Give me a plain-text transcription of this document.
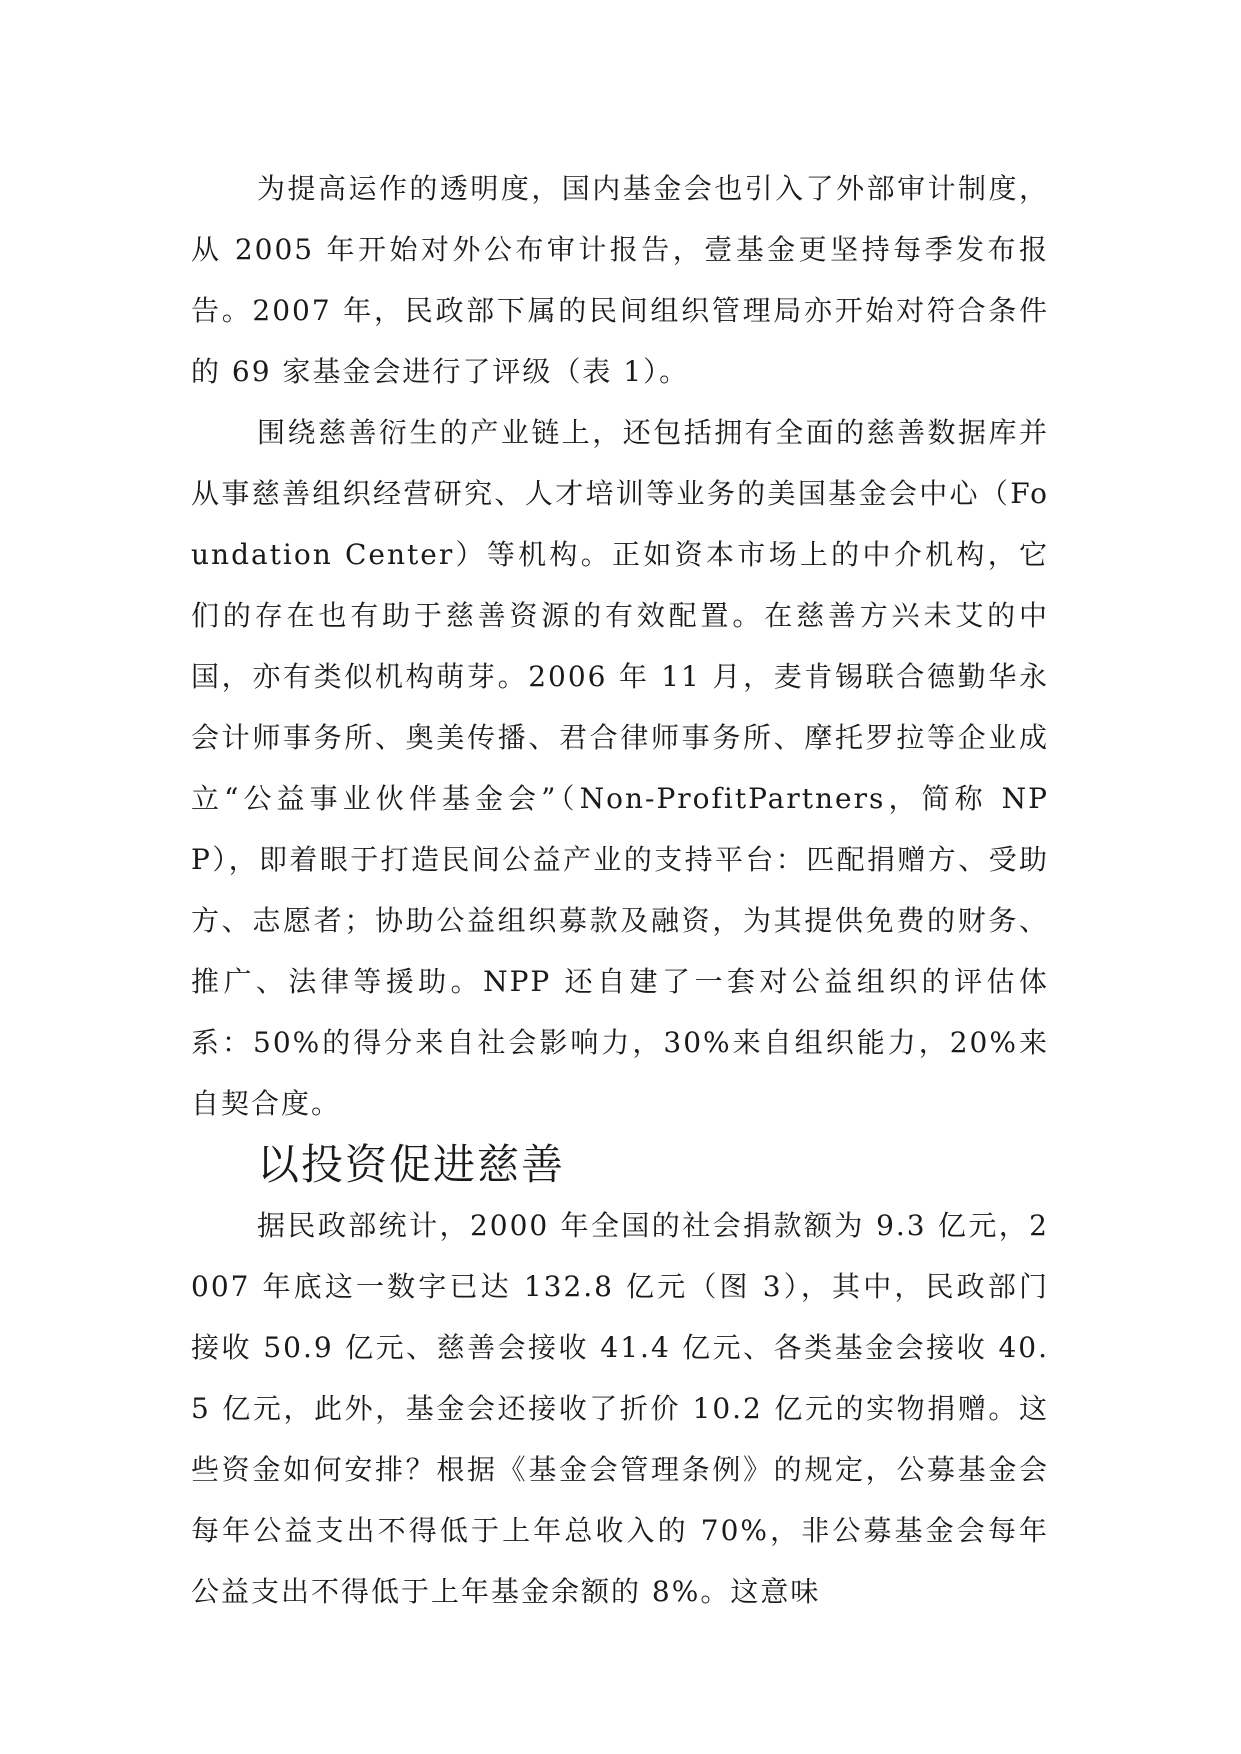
为提高运作的透明度，国内基金会也引入了外部审计制度，从 2005 年开始对外公布审计报告，壹基金更坚持每季发布报告。2007 年，民政部下属的民间组织管理局亦开始对符合条件的 69 家基金会进行了评级（表 1）。

围绕慈善衍生的产业链上，还包括拥有全面的慈善数据库并从事慈善组织经营研究、人才培训等业务的美国基金会中心（Foundation Center）等机构。正如资本市场上的中介机构，它们的存在也有助于慈善资源的有效配置。在慈善方兴未艾的中国，亦有类似机构萌芽。2006 年 11 月，麦肯锡联合德勤华永会计师事务所、奥美传播、君合律师事务所、摩托罗拉等企业成立“公益事业伙伴基金会”（Non-ProfitPartners，简称 NPP），即着眼于打造民间公益产业的支持平台：匹配捐赠方、受助方、志愿者；协助公益组织募款及融资，为其提供免费的财务、推广、法律等援助。NPP 还自建了一套对公益组织的评估体系：50%的得分来自社会影响力，30%来自组织能力，20%来自契合度。

以投资促进慈善

据民政部统计，2000 年全国的社会捐款额为 9.3 亿元，2007 年底这一数字已达 132.8 亿元（图 3），其中，民政部门接收 50.9 亿元、慈善会接收 41.4 亿元、各类基金会接收 40.5 亿元，此外，基金会还接收了折价 10.2 亿元的实物捐赠。这些资金如何安排？根据《基金会管理条例》的规定，公募基金会每年公益支出不得低于上年总收入的 70%，非公募基金会每年公益支出不得低于上年基金余额的 8%。这意味
